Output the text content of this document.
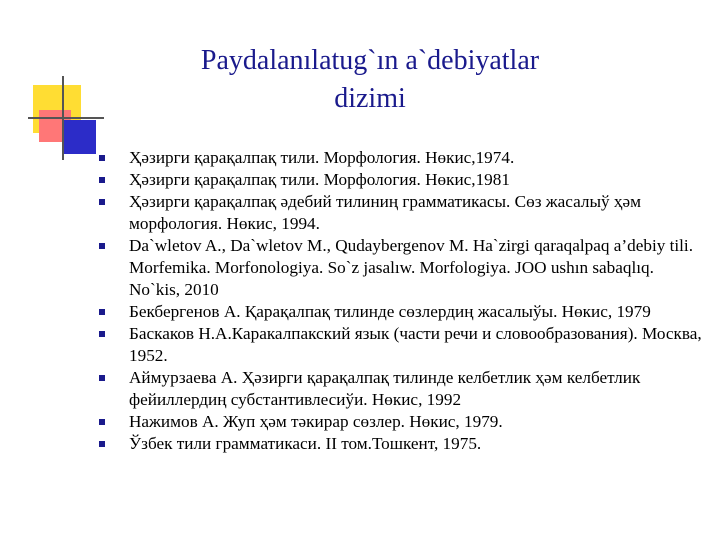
Paydalanılatug`ın a`debiyatlar
dizimi
Ҳәзирги қарақалпақ тили. Морфология. Нөкис,1974.
Ҳәзирги қарақалпақ тили. Морфология. Нөкис,1981
Ҳәзирги қарақалпақ әдебий тилиниң грамматикасы. Сөз жасалыў ҳәм морфология. Нөкис, 1994.
Da`wletov A., Da`wletov M., Qudaybergenov M. Ha`zirgi qaraqalpaq a’debiy tili. Morfemika. Morfonologiya. So`z jasalıw. Morfologiya. JOO ushın sabaqlıq. No`kis, 2010
Бекбергенов А. Қарақалпақ тилинде сөзлердиң жасалыўы. Нөкис, 1979
Баскаков Н.А.Каракалпакский язык (части речи и словообразования). Москва, 1952.
Аймурзаева А. Ҳәзирги қарақалпақ тилинде келбетлик ҳәм келбетлик фейиллердиң субстантивлесиўи. Нөкис, 1992
Нажимов А. Жуп ҳәм тәкирар сөзлер. Нөкис, 1979.
Ўзбек тили грамматикаси. II том.Тошкент, 1975.
